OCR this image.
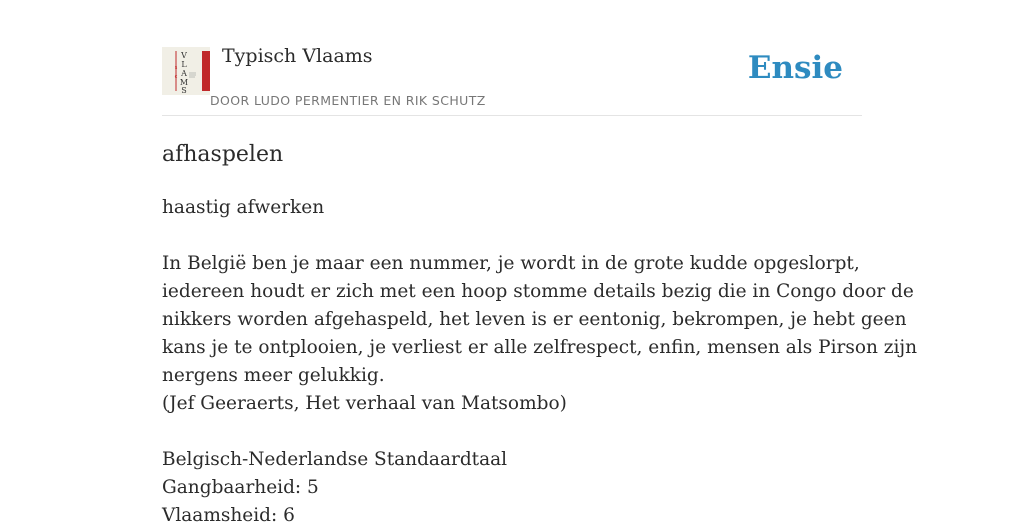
i
s
c
V
L
A
M
S
Typisch Vlaams
DOOR LUDO PERMENTIER EN RIK SCHUTZ
Ensie
afhaspelen
haastig afwerken
In België ben je maar een nummer, je wordt in de grote kudde opgeslorpt,
iedereen houdt er zich met een hoop stomme details bezig die in Congo door de
nikkers worden afgehaspeld, het leven is er eentonig, bekrompen, je hebt geen
kans je te ontplooien, je verliest er alle zelfrespect, enfin, mensen als Pirson zijn
nergens meer gelukkig.
(Jef Geeraerts, Het verhaal van Matsombo)
Belgisch-Nederlandse Standaardtaal
Gangbaarheid: 5
Vlaamsheid: 6
